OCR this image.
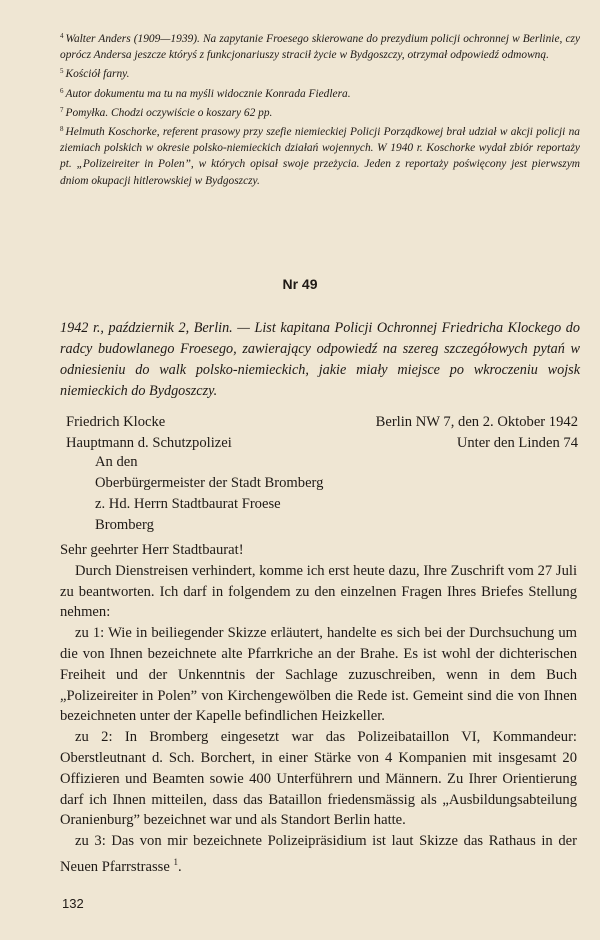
$^4$ Walter Anders (1909—1939). Na zapytanie Froesego skierowane do prezydium policji ochronnej w Berlinie, czy oprócz Andersa jeszcze któryś z funkcjonariuszy stracił życie w Bydgoszczy, otrzymał odpowiedź odmowną.

$^5$ Kościół farny.

$^6$ Autor dokumentu ma tu na myśli widocznie Konrada Fiedlera.

$^7$ Pomyłka. Chodzi oczywiście o koszary 62 pp.

$^8$ Helmuth Koschorke, referent prasowy przy szefie niemieckiej Policji Porządkowej brał udział w akcji policji na ziemiach polskich w okresie polsko-niemieckich działań wojennych. W 1940 r. Koschorke wydał zbiór reportaży pt. „Polizeireiter in Polen”, w których opisał swoje przeżycia. Jeden z reportaży poświęcony jest pierwszym dniom okupacji hitlerowskiej w Bydgoszczy.

Nr 49
1942 r., październik 2, Berlin. — List kapitana Policji Ochronnej Friedricha Klockego do radcy budowlanego Froesego, zawierający odpowiedź na szereg szczegółowych pytań w odniesieniu do walk polsko-niemieckich, jakie miały miejsce po wkroczeniu wojsk niemieckich do Bydgoszczy.
Friedrich Klocke
Hauptmann d. Schutzpolizei
Berlin NW 7, den 2. Oktober 1942
Unter den Linden 74
An den
Oberbürgermeister der Stadt Bromberg
z. Hd. Herrn Stadtbaurat Froese
Bromberg

Sehr geehrter Herr Stadtbaurat!

Durch Dienstreisen verhindert, komme ich erst heute dazu, Ihre Zuschrift vom 27 Juli zu beantworten. Ich darf in folgendem zu den einzelnen Fragen Ihres Briefes Stellung nehmen:

zu 1: Wie in beiliegender Skizze erläutert, handelte es sich bei der Durchsuchung um die von Ihnen bezeichnete alte Pfarrkriche an der Brahe. Es ist wohl der dichterischen Freiheit und der Unkenntnis der Sachlage zuzuschreiben, wenn in dem Buch „Polizeireiter in Polen” von Kirchengewölben die Rede ist. Gemeint sind die von Ihnen bezeichneten unter der Kapelle befindlichen Heizkeller.

zu 2: In Bromberg eingesetzt war das Polizeibataillon VI, Kommandeur: Oberstleutnant d. Sch. Borchert, in einer Stärke von 4 Kompanien mit insgesamt 20 Offizieren und Beamten sowie 400 Unterführern und Männern. Zu Ihrer Orientierung darf ich Ihnen mitteilen, dass das Bataillon friedensmässig als „Ausbildungsabteilung Oranienburg” bezeichnet war und als Standort Berlin hatte.

zu 3: Das von mir bezeichnete Polizeipräsidium ist laut Skizze das Rathaus in der Neuen Pfarrstrasse $^1$.

132
